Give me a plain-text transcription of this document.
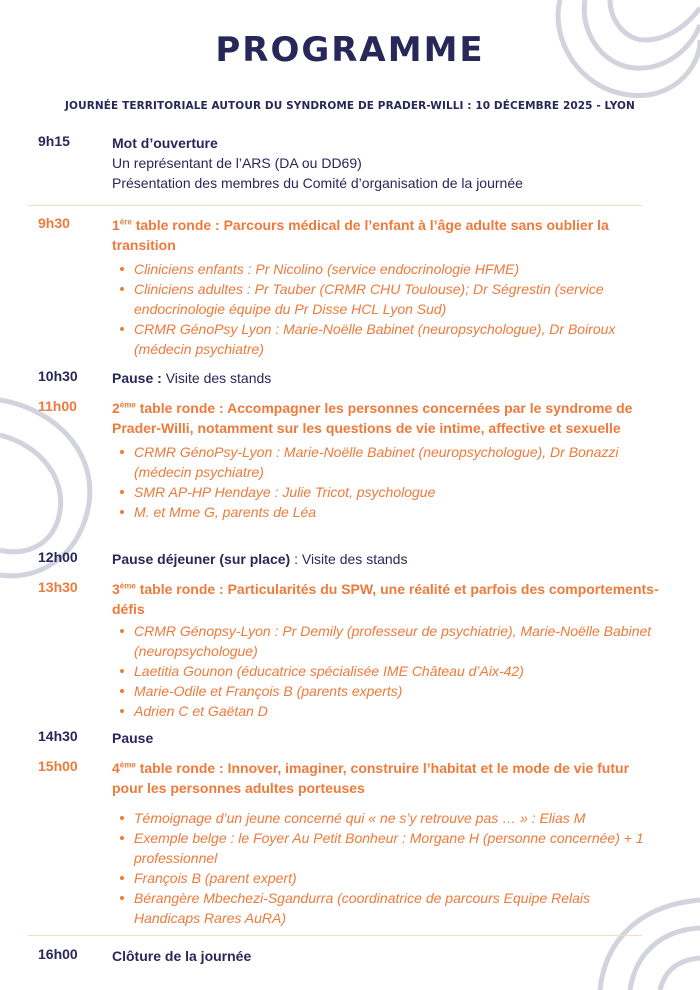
PROGRAMME
JOURNÉE TERRITORIALE AUTOUR DU SYNDROME DE PRADER-WILLI : 10 DÉCEMBRE 2025 - LYON
9h15	Mot d’ouverture
Un représentant de l’ARS (DA ou DD69)
Présentation des membres du Comité d’organisation de la journée
9h30	1ère table ronde : Parcours médical de l’enfant à l’âge adulte sans oublier la transition
Cliniciens enfants : Pr Nicolino (service endocrinologie HFME)
Cliniciens adultes : Pr Tauber (CRMR CHU Toulouse); Dr Ségrestin (service endocrinologie équipe du Pr Disse HCL Lyon Sud)
CRMR GénoPsy Lyon : Marie-Noëlle Babinet (neuropsychologue), Dr Boiroux (médecin psychiatre)
10h30 Pause : Visite des stands
11h00	2ème table ronde : Accompagner les personnes concernées par le syndrome de Prader-Willi, notamment sur les questions de vie intime, affective et sexuelle
CRMR GénoPsy-Lyon : Marie-Noëlle Babinet (neuropsychologue), Dr Bonazzi (médecin psychiatre)
SMR AP-HP Hendaye : Julie Tricot, psychologue
M. et Mme G, parents de Léa
12h00 Pause déjeuner (sur place) : Visite des stands
13h30 3ème table ronde : Particularités du SPW, une réalité et parfois des comportements-défis
CRMR Génopsy-Lyon : Pr Demily (professeur de psychiatrie), Marie-Noëlle Babinet (neuropsychologue)
Laetitia Gounon (éducatrice spécialisée IME Château d’Aix-42)
Marie-Odile et François B (parents experts)
Adrien C et Gaëtan D
14h30 Pause
15h00 4ème table ronde : Innover, imaginer, construire l’habitat et le mode de vie futur pour les personnes adultes porteuses
Témoignage d’un jeune concerné qui « ne s’y retrouve pas … » : Elias M
Exemple belge : le Foyer Au Petit Bonheur : Morgane H (personne concernée) + 1 professionnel
François B (parent expert)
Bérangère Mbechezi-Sgandurra (coordinatrice de parcours Equipe Relais Handicaps Rares AuRA)
16h00 Clôture de la journée
